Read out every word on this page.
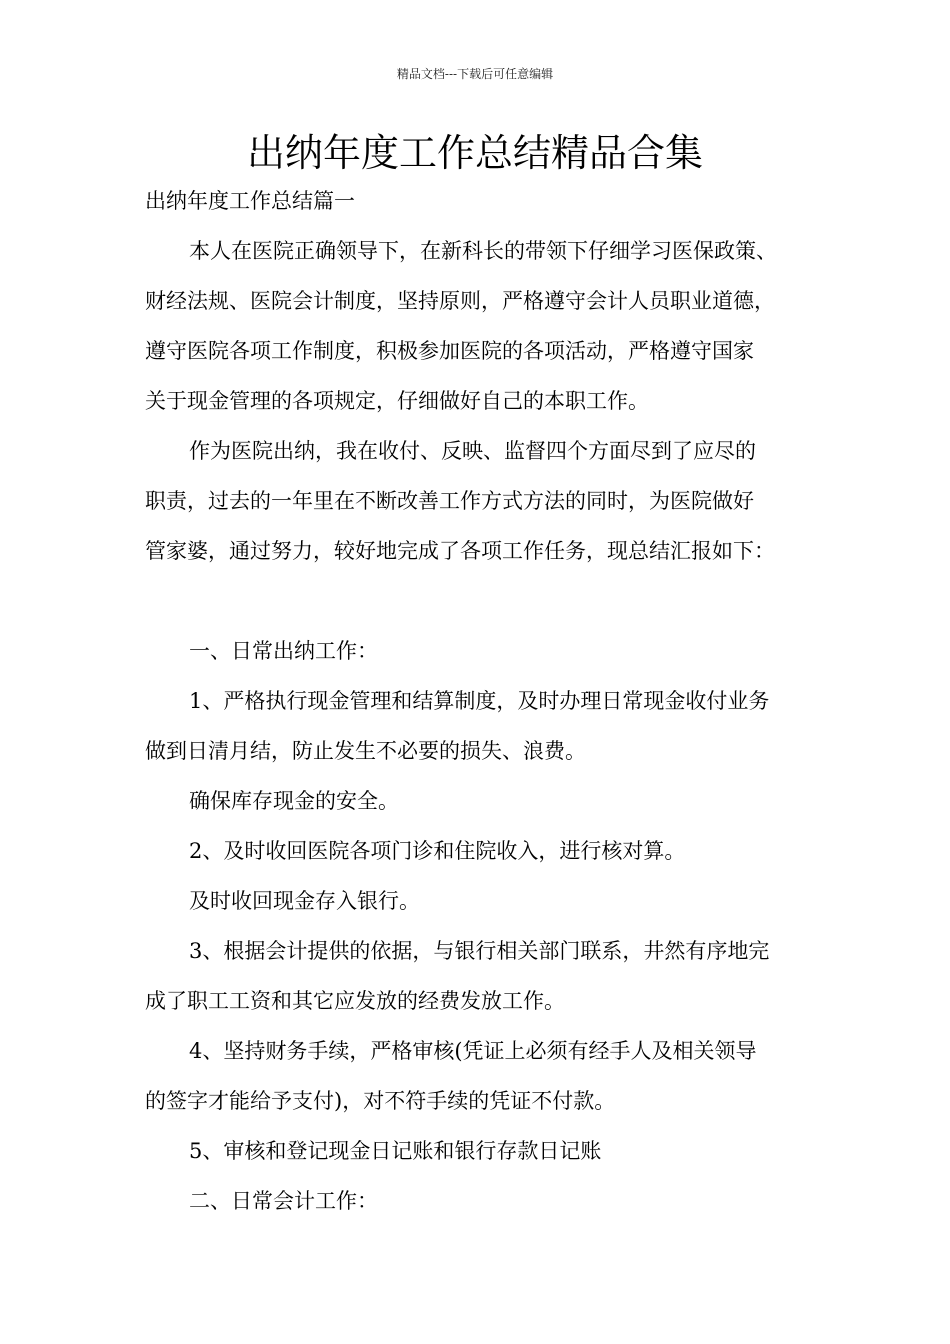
精品文档---下载后可任意编辑
出纳年度工作总结精品合集

出纳年度工作总结篇一

本人在医院正确领导下，在新科长的带领下仔细学习医保政策、

财经法规、医院会计制度，坚持原则，严格遵守会计人员职业道德，

遵守医院各项工作制度，积极参加医院的各项活动，严格遵守国家

关于现金管理的各项规定，仔细做好自己的本职工作。

作为医院出纳，我在收付、反映、监督四个方面尽到了应尽的

职责，过去的一年里在不断改善工作方式方法的同时，为医院做好

管家婆，通过努力，较好地完成了各项工作任务，现总结汇报如下：

一、日常出纳工作：

1、严格执行现金管理和结算制度，及时办理日常现金收付业务

做到日清月结，防止发生不必要的损失、浪费。

确保库存现金的安全。

2、及时收回医院各项门诊和住院收入，进行核对算。

及时收回现金存入银行。

3、根据会计提供的依据，与银行相关部门联系，井然有序地完

成了职工工资和其它应发放的经费发放工作。

4、坚持财务手续，严格审核(凭证上必须有经手人及相关领导

的签字才能给予支付)，对不符手续的凭证不付款。

5、审核和登记现金日记账和银行存款日记账

二、日常会计工作：
